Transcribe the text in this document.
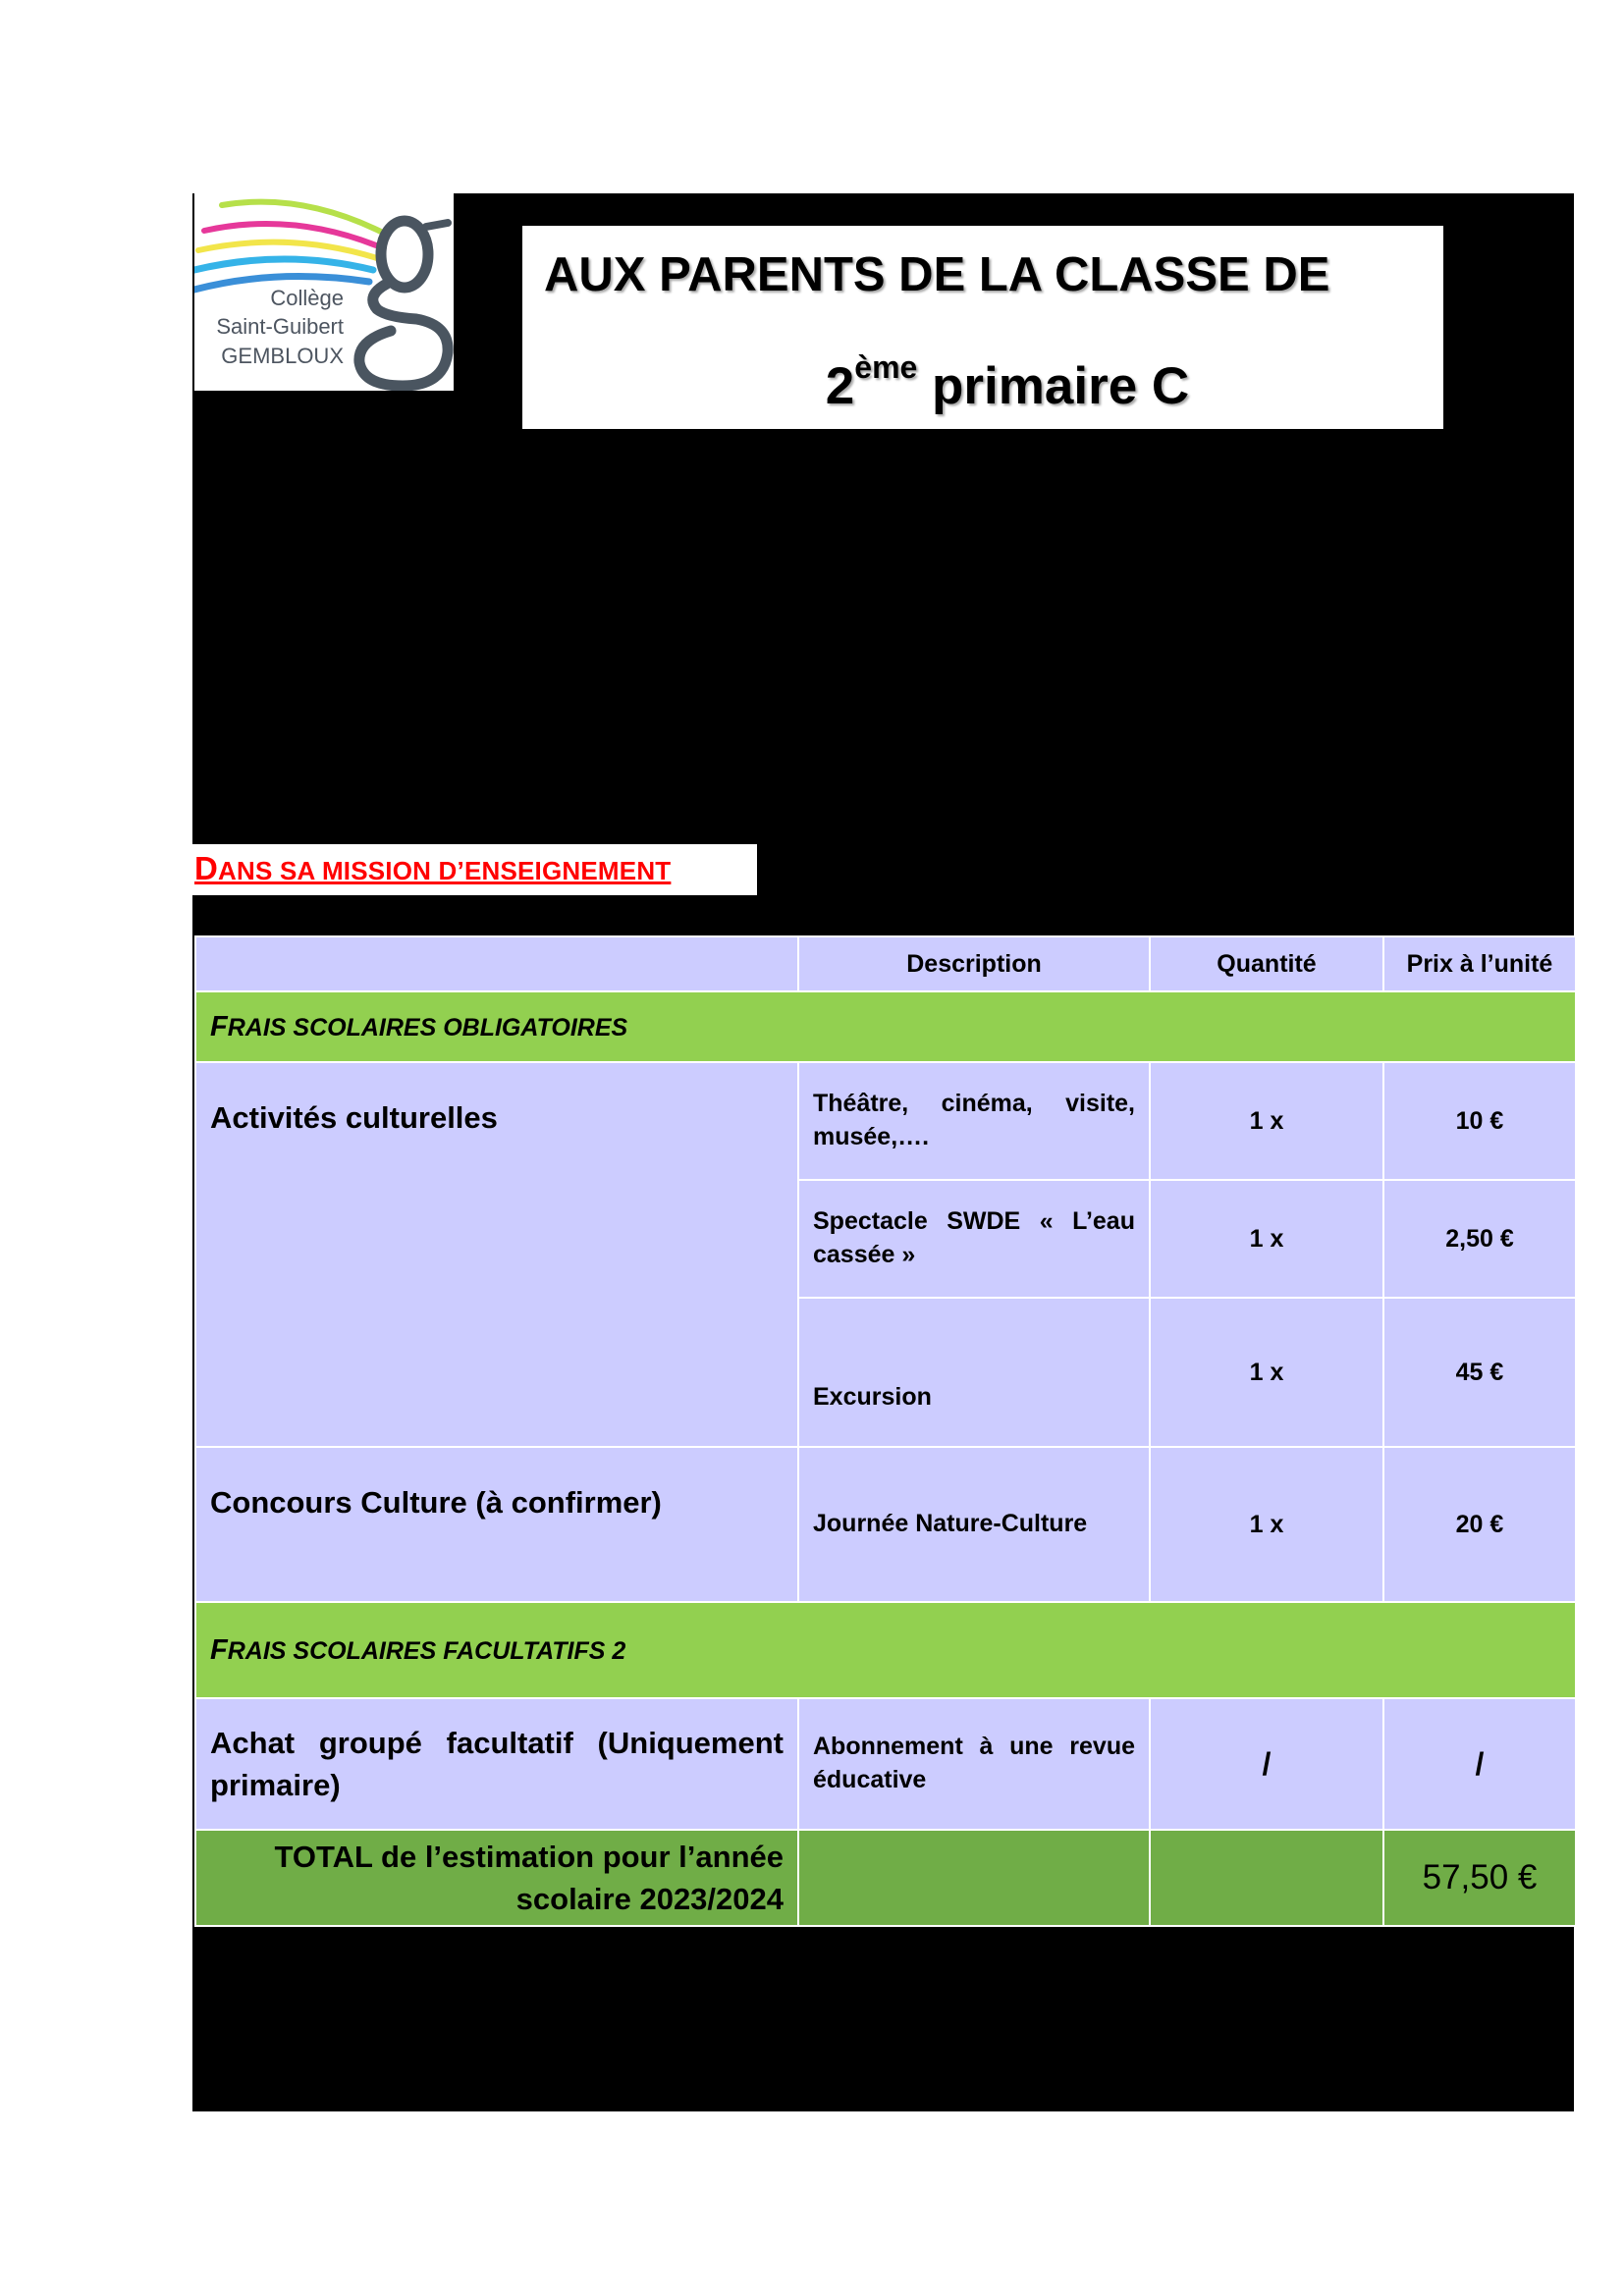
Collège
Saint-Guibert
GEMBLOUX
AUX PARENTS DE LA CLASSE DE
2ème primaire C
DANS SA MISSION D’ENSEIGNEMENT
	Description	Quantité	Prix à l’unité
FRAIS SCOLAIRES OBLIGATOIRES			
Activités culturelles	Théâtre, cinéma, visite, musée,….	1 x	10 €
	Spectacle SWDE « L’eau cassée »	1 x	2,50 €
	Excursion	1 x	45 €
Concours Culture (à confirmer)	Journée Nature-Culture	1 x	20 €
FRAIS SCOLAIRES FACULTATIFS 2			
Achat groupé facultatif (Uniquement primaire)	Abonnement à une revue éducative	/	/
TOTAL de l’estimation pour l’année scolaire 2023/2024			57,50 €
